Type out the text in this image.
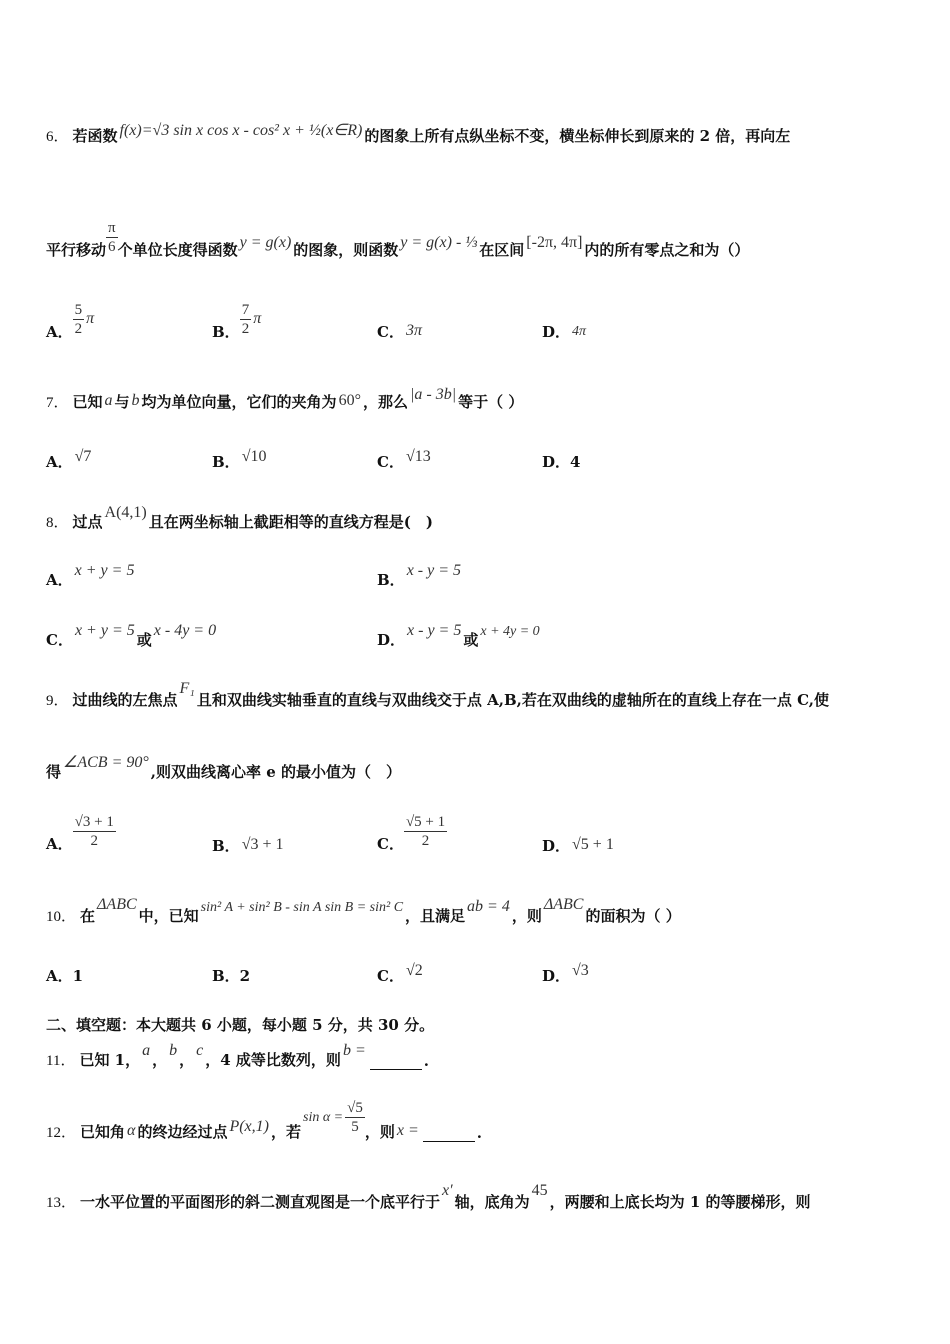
6． 若函数 f(x)=√3 sin x cos x - cos² x + ½(x∈R) 的图象上所有点纵坐标不变，横坐标伸长到原来的 2 倍，再向左
平行移动 $\frac{\pi}{6}$ 个单位长度得函数 y = g(x) 的图象，则函数 y = g(x) - ⅓ 在区间 [-2π, 4π] 内的所有零点之和为（）
A． $\frac{5}{2}$ π
B． $\frac{7}{2}$ π
C． 3π	D． 4π
7． 已知 a 与 b 均为单位向量，它们的夹角为 60° ，那么 |a - 3b| 等于（ ）
A． √7	B． √10	C． √13	D．4
8． 过点
A(4,1)
且在两坐标轴上截距相等的直线方程是(　)
A．
x + y = 5
B．
x - y = 5
C．
x + y = 5
或
x - 4y = 0
D．
x - y = 5
或 x + 4y = 0
9． 过曲线的左焦点
F₁
且和双曲线实轴垂直的直线与双曲线交于点 A,B,若在双曲线的虚轴所在的直线上存在一点 C,使
得
∠ACB = 90°
,则双曲线离心率 e 的最小值为（　）
A． $\frac{√3 + 1}{2}$	B． √3 + 1	C． $\frac{√5 + 1}{2}$	D． √5 + 1
10． 在
ΔABC
中，已知 sin² A + sin² B - sin A sin B = sin² C ，且满足
ab = 4
，则
ΔABC
的面积为（ ）
A．1	B．2	C． √2	D． √3
二、填空题：本大题共 6 小题，每小题 5 分，共 30 分。
11． 已知 1，
a
，
b
，
c
，4 成等比数列，则
b =
.
12． 已知角 α 的终边经过点 P(x,1) ，若
$\sin \alpha = \frac{√5}{5}$ ，则 x =	.
13． 一水平位置的平面图形的斜二测直观图是一个底平行于
x′
轴，底角为
45
，两腰和上底长均为 1 的等腰梯形，则
